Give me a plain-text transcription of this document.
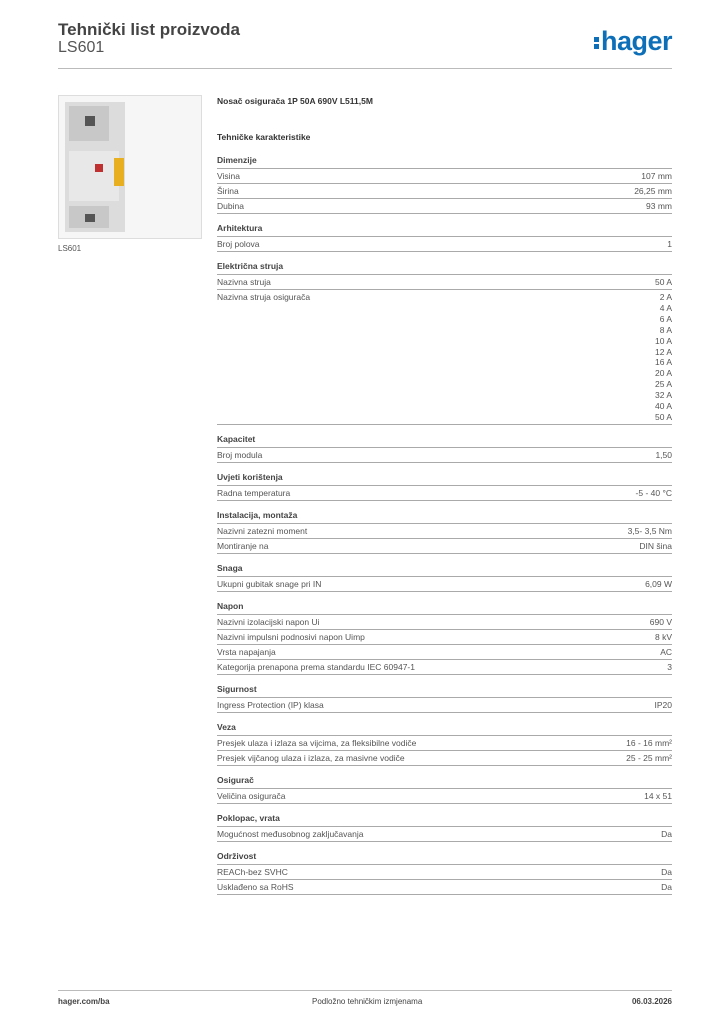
Tehnički list proizvoda
LS601	hager
LS601
Nosač osigurača 1P 50A 690V L511,5M
Tehničke karakteristike
Dimenzije
Visina	107 mm
Širina	26,25 mm
Dubina	93 mm
Arhitektura
Broj polova	1
Električna struja
Nazivna struja	50 A
Nazivna struja osigurača	2 A
4 A
6 A
8 A
10 A
12 A
16 A
20 A
25 A
32 A
40 A
50 A
Kapacitet
Broj modula	1,50
Uvjeti korištenja
Radna temperatura	-5 - 40 °C
Instalacija, montaža
Nazivni zatezni moment	3,5- 3,5 Nm
Montiranje na	DIN šina
Snaga
Ukupni gubitak snage pri IN	6,09 W
Napon
Nazivni izolacijski napon Ui	690 V
Nazivni impulsni podnosivi napon Uimp	8 kV
Vrsta napajanja	AC
Kategorija prenapona prema standardu IEC 60947-1	3
Sigurnost
Ingress Protection (IP) klasa	IP20
Veza
Presjek ulaza i izlaza sa vijcima, za fleksibilne vodiče	16 - 16 mm²
Presjek vijčanog ulaza i izlaza, za masivne vodiče	25 - 25 mm²
Osigurač
Veličina osigurača	14 x 51
Poklopac, vrata
Mogućnost međusobnog zaključavanja	Da
Održivost
REACh-bez SVHC	Da
Usklađeno sa RoHS	Da
hager.com/ba	Podložno tehničkim izmjenama	06.03.2026
